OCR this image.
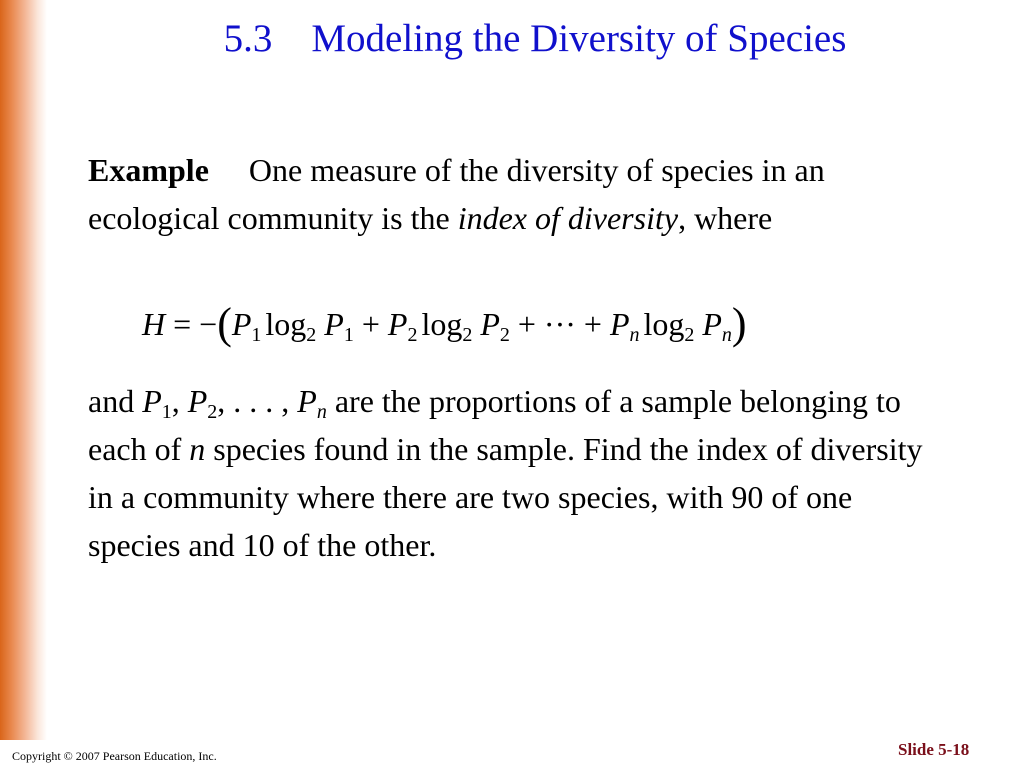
5.3    Modeling the Diversity of Species
Example One measure of the diversity of species in an ecological community is the index of diversity, where
$H = -(P_1$ $\log_2 P_1 + P_2$ $\log_2 P_2$ + ··· + $P_n$ $\log_2 P_n$)
and $P_1$, $P_2$, . . . , $P_n$ are the proportions of a sample belonging to each of n species found in the sample. Find the index of diversity in a community where there are two species, with 90 of one species and 10 of the other.
Copyright © 2007 Pearson Education, Inc.	Slide 5-18
